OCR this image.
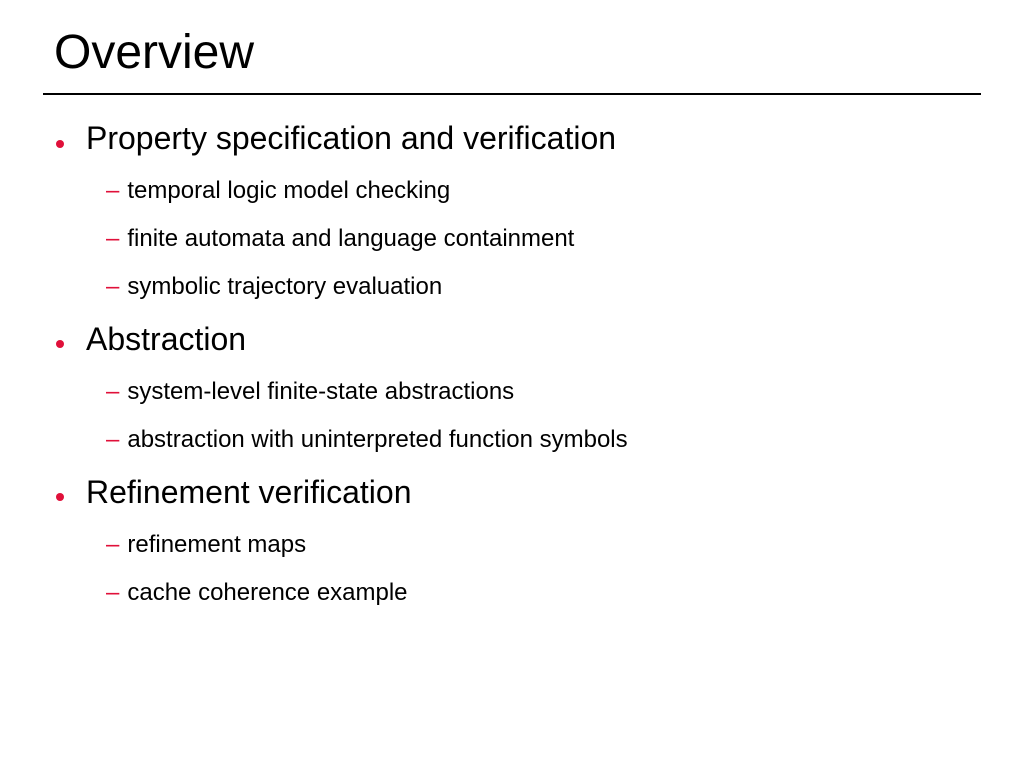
Overview
Property specification and verification
– temporal logic model checking
– finite automata and language containment
– symbolic trajectory evaluation
Abstraction
– system-level finite-state abstractions
– abstraction with uninterpreted function symbols
Refinement verification
– refinement maps
– cache coherence example
